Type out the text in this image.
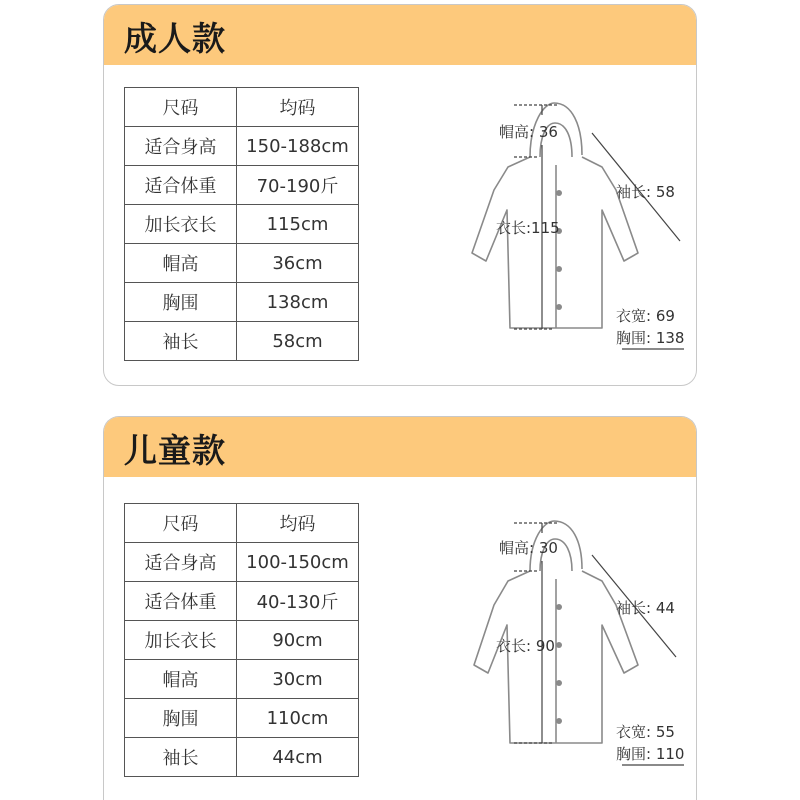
成人款
尺码	均码
适合身高	150-188cm
适合体重	70-190斤
加长衣长	115cm
帽高	36cm
胸围	138cm
袖长	58cm
帽高: 36
衣长:115
袖长: 58
衣宽: 69
胸围: 138
儿童款
尺码	均码
适合身高	100-150cm
适合体重	40-130斤
加长衣长	90cm
帽高	30cm
胸围	110cm
袖长	44cm
帽高: 30
衣长: 90
袖长: 44
衣宽: 55
胸围: 110
